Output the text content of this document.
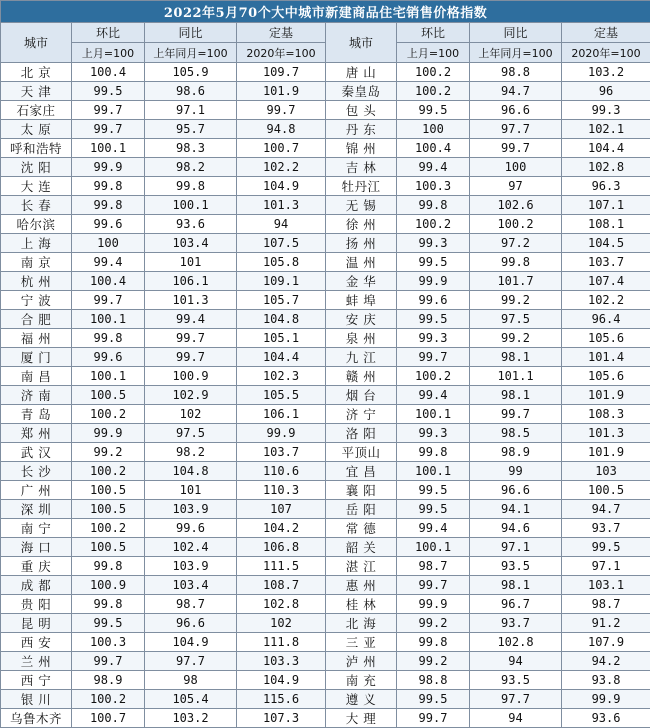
2022年5月70个大中城市新建商品住宅销售价格指数							
城市	环比	同比	定基	城市	环比	同比	定基
	上月=100	上年同月=100	2020年=100		上月=100	上年同月=100	2020年=100
北 京	100.4	105.9	109.7	唐 山	100.2	98.8	103.2
天 津	99.5	98.6	101.9	秦皇岛	100.2	94.7	96
石家庄	99.7	97.1	99.7	包 头	99.5	96.6	99.3
太 原	99.7	95.7	94.8	丹 东	100	97.7	102.1
呼和浩特	100.1	98.3	100.7	锦 州	100.4	99.7	104.4
沈 阳	99.9	98.2	102.2	吉 林	99.4	100	102.8
大 连	99.8	99.8	104.9	牡丹江	100.3	97	96.3
长 春	99.8	100.1	101.3	无 锡	99.8	102.6	107.1
哈尔滨	99.6	93.6	94	徐 州	100.2	100.2	108.1
上 海	100	103.4	107.5	扬 州	99.3	97.2	104.5
南 京	99.4	101	105.8	温 州	99.5	99.8	103.7
杭 州	100.4	106.1	109.1	金 华	99.9	101.7	107.4
宁 波	99.7	101.3	105.7	蚌 埠	99.6	99.2	102.2
合 肥	100.1	99.4	104.8	安 庆	99.5	97.5	96.4
福 州	99.8	99.7	105.1	泉 州	99.3	99.2	105.6
厦 门	99.6	99.7	104.4	九 江	99.7	98.1	101.4
南 昌	100.1	100.9	102.3	赣 州	100.2	101.1	105.6
济 南	100.5	102.9	105.5	烟 台	99.4	98.1	101.9
青 岛	100.2	102	106.1	济 宁	100.1	99.7	108.3
郑 州	99.9	97.5	99.9	洛 阳	99.3	98.5	101.3
武 汉	99.2	98.2	103.7	平顶山	99.8	98.9	101.9
长 沙	100.2	104.8	110.6	宜 昌	100.1	99	103
广 州	100.5	101	110.3	襄 阳	99.5	96.6	100.5
深 圳	100.5	103.9	107	岳 阳	99.5	94.1	94.7
南 宁	100.2	99.6	104.2	常 德	99.4	94.6	93.7
海 口	100.5	102.4	106.8	韶 关	100.1	97.1	99.5
重 庆	99.8	103.9	111.5	湛 江	98.7	93.5	97.1
成 都	100.9	103.4	108.7	惠 州	99.7	98.1	103.1
贵 阳	99.8	98.7	102.8	桂 林	99.9	96.7	98.7
昆 明	99.5	96.6	102	北 海	99.2	93.7	91.2
西 安	100.3	104.9	111.8	三 亚	99.8	102.8	107.9
兰 州	99.7	97.7	103.3	泸 州	99.2	94	94.2
西 宁	98.9	98	104.9	南 充	98.8	93.5	93.8
银 川	100.2	105.4	115.6	遵 义	99.5	97.7	99.9
乌鲁木齐	100.7	103.2	107.3	大 理	99.7	94	93.6
